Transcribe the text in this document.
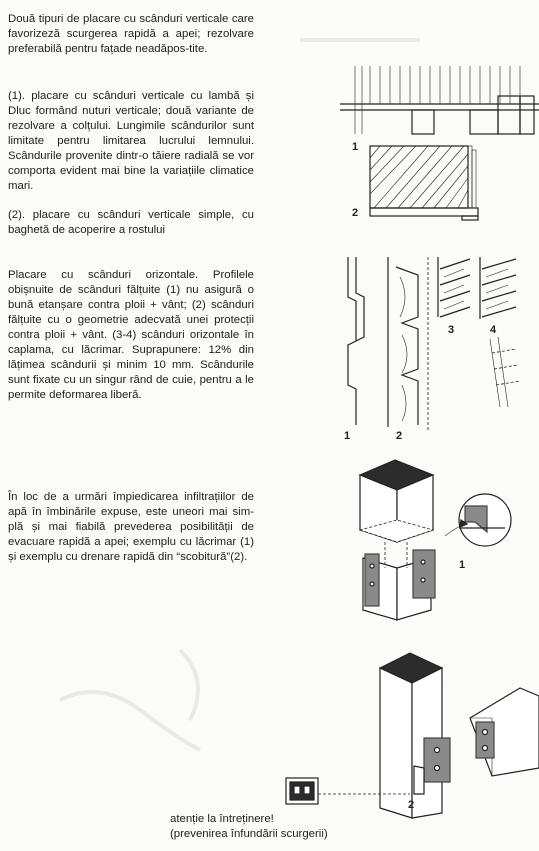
Două tipuri de placare cu scânduri verticale care favorizeză scurgerea rapidă a apei; rezolvare preferabilă pentru fațade neadăpos-tite.

(1). placare cu scânduri verticale cu lambă și Dluc formând nuturi verticale; două variante de rezolvare a colțului. Lungimile scândurilor sunt limitate pentru limitarea lucrului lemnului. Scândurile provenite dintr-o tăiere radială se vor comporta evident mai bine la variațiile climatice mari.

(2). placare cu scânduri verticale simple, cu baghetă de acoperire a rostului

Placare cu scânduri orizontale. Profilele obișnuite de scânduri fălțuite (1) nu asigură o bună etanșare contra ploii + vânt; (2) scânduri fălțuite cu o geometrie adecvată unei protecții contra ploii + vânt. (3-4) scânduri orizontale în caplama, cu lăcrimar. Suprapunere: 12% din lățimea scândurii și minim 10 mm. Scândurile sunt fixate cu un singur rând de cuie, pentru a le permite deformarea liberă.

În loc de a urmări împiedicarea infiltrațiilor de apă în îmbinările expuse, este uneori mai sim-plă și mai fiabilă prevederea posibilității de evacuare rapidă a apei; exemplu cu lăcrimar (1) și exemplu cu drenare rapidă din “scobitură”(2).

1
2
1	2
3	4
1
2
atenție la întreținere!
(prevenirea înfundării scurgerii)
